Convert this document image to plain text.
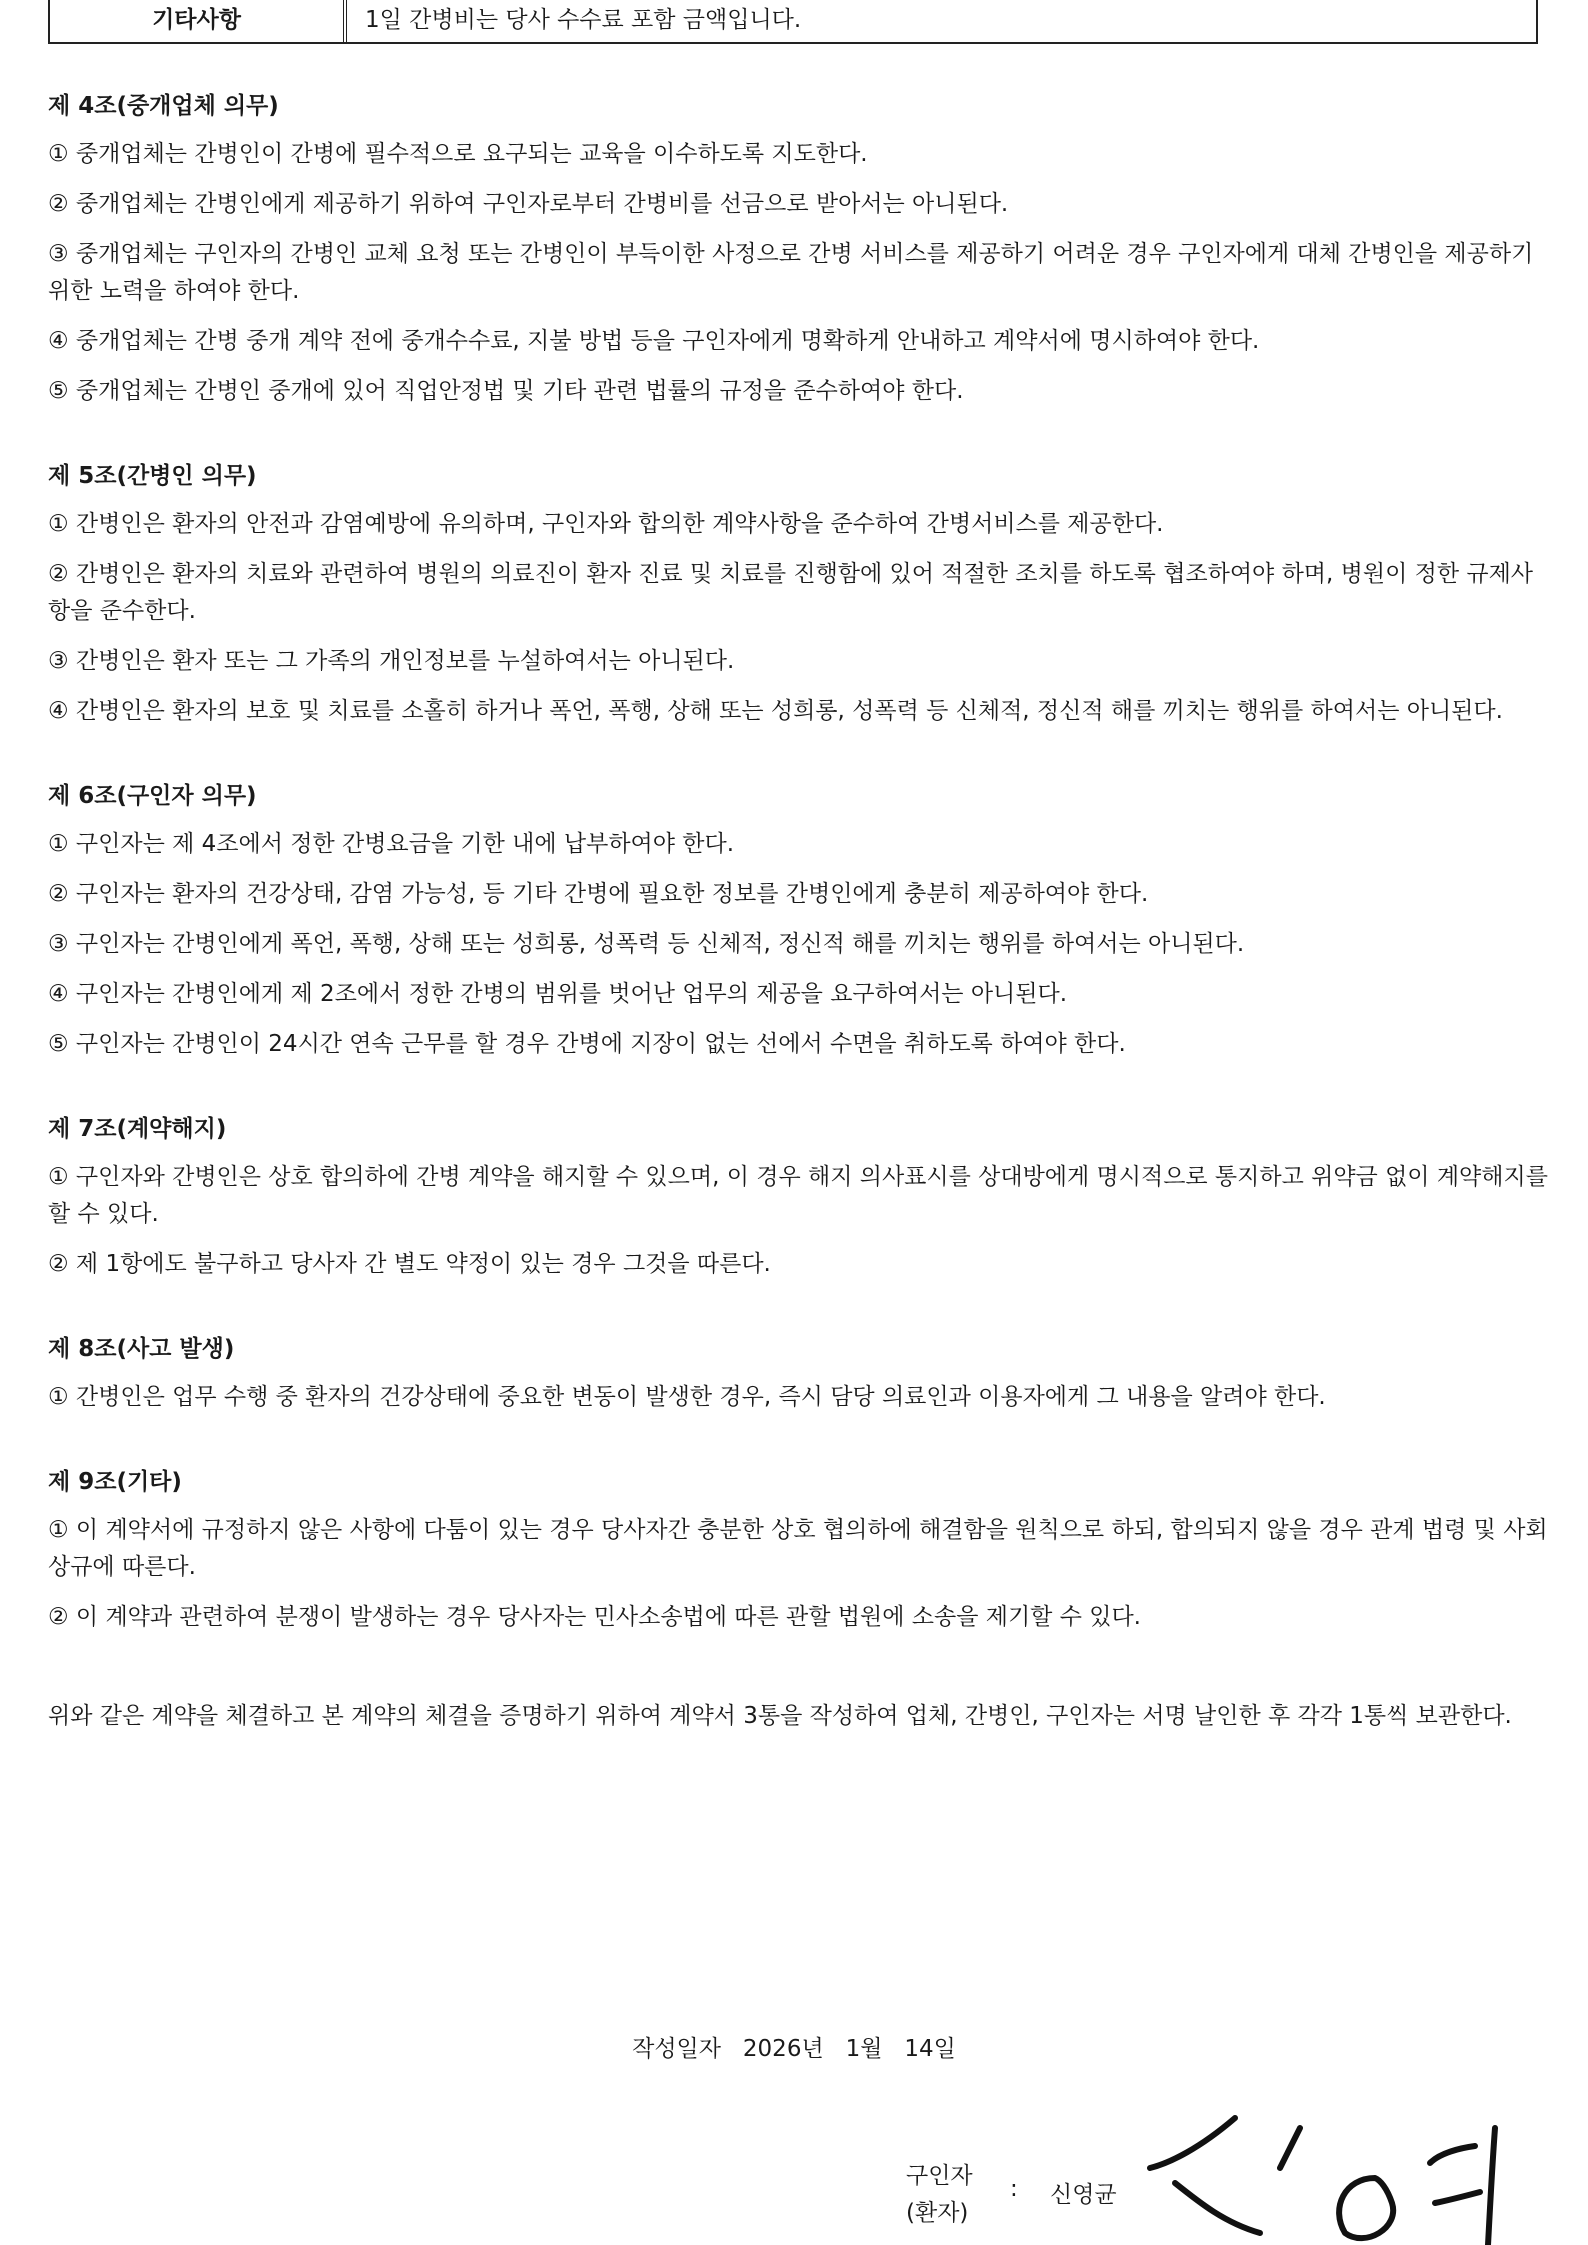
기타사항	1일 간병비는 당사 수수료 포함 금액입니다.
제 4조(중개업체 의무)
① 중개업체는 간병인이 간병에 필수적으로 요구되는 교육을 이수하도록 지도한다.
② 중개업체는 간병인에게 제공하기 위하여 구인자로부터 간병비를 선금으로 받아서는 아니된다.
③ 중개업체는 구인자의 간병인 교체 요청 또는 간병인이 부득이한 사정으로 간병 서비스를 제공하기 어려운 경우 구인자에게 대체 간병인을 제공하기 위한 노력을 하여야 한다.
④ 중개업체는 간병 중개 계약 전에 중개수수료, 지불 방법 등을 구인자에게 명확하게 안내하고 계약서에 명시하여야 한다.
⑤ 중개업체는 간병인 중개에 있어 직업안정법 및 기타 관련 법률의 규정을 준수하여야 한다.
제 5조(간병인 의무)
① 간병인은 환자의 안전과 감염예방에 유의하며, 구인자와 합의한 계약사항을 준수하여 간병서비스를 제공한다.
② 간병인은 환자의 치료와 관련하여 병원의 의료진이 환자 진료 및 치료를 진행함에 있어 적절한 조치를 하도록 협조하여야 하며, 병원이 정한 규제사항을 준수한다.
③ 간병인은 환자 또는 그 가족의 개인정보를 누설하여서는 아니된다.
④ 간병인은 환자의 보호 및 치료를 소홀히 하거나 폭언, 폭행, 상해 또는 성희롱, 성폭력 등 신체적, 정신적 해를 끼치는 행위를 하여서는 아니된다.
제 6조(구인자 의무)
① 구인자는 제 4조에서 정한 간병요금을 기한 내에 납부하여야 한다.
② 구인자는 환자의 건강상태, 감염 가능성, 등 기타 간병에 필요한 정보를 간병인에게 충분히 제공하여야 한다.
③ 구인자는 간병인에게 폭언, 폭행, 상해 또는 성희롱, 성폭력 등 신체적, 정신적 해를 끼치는 행위를 하여서는 아니된다.
④ 구인자는 간병인에게 제 2조에서 정한 간병의 범위를 벗어난 업무의 제공을 요구하여서는 아니된다.
⑤ 구인자는 간병인이 24시간 연속 근무를 할 경우 간병에 지장이 없는 선에서 수면을 취하도록 하여야 한다.
제 7조(계약해지)
① 구인자와 간병인은 상호 합의하에 간병 계약을 해지할 수 있으며, 이 경우 해지 의사표시를 상대방에게 명시적으로 통지하고 위약금 없이 계약해지를 할 수 있다.
② 제 1항에도 불구하고 당사자 간 별도 약정이 있는 경우 그것을 따른다.
제 8조(사고 발생)
① 간병인은 업무 수행 중 환자의 건강상태에 중요한 변동이 발생한 경우, 즉시 담당 의료인과 이용자에게 그 내용을 알려야 한다.
제 9조(기타)
① 이 계약서에 규정하지 않은 사항에 다툼이 있는 경우 당사자간 충분한 상호 협의하에 해결함을 원칙으로 하되, 합의되지 않을 경우 관계 법령 및 사회상규에 따른다.
② 이 계약과 관련하여 분쟁이 발생하는 경우 당사자는 민사소송법에 따른 관할 법원에 소송을 제기할 수 있다.
위와 같은 계약을 체결하고 본 계약의 체결을 증명하기 위하여 계약서 3통을 작성하여 업체, 간병인, 구인자는 서명 날인한 후 각각 1통씩 보관한다.
작성일자   2026년   1월   14일
구인자
(환자)
: 신영균
